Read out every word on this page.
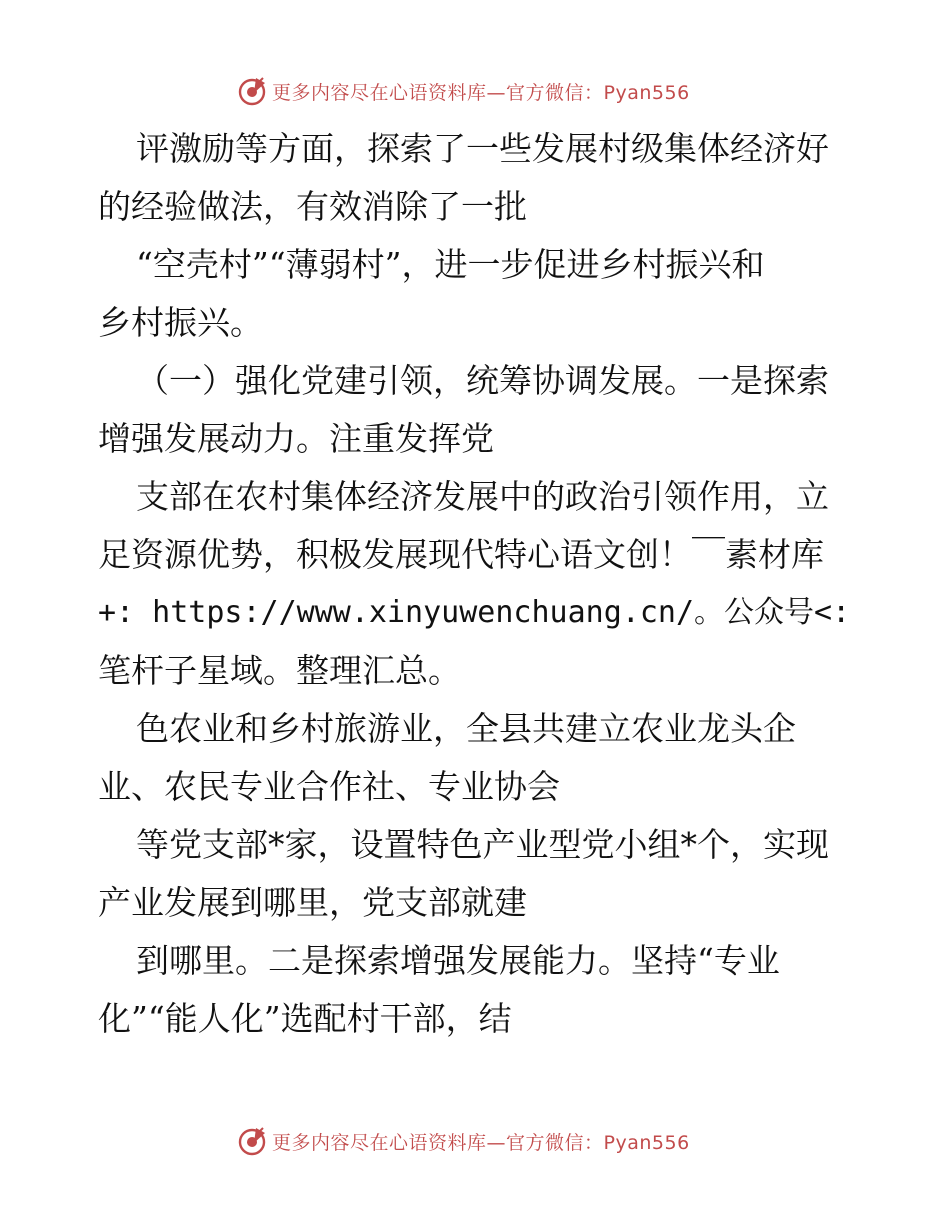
更多内容尽在心语资料库—官方微信：Pyan556

评激励等方面，探索了一些发展村级集体经济好
的经验做法，有效消除了一批

“空壳村”“薄弱村”，进一步促进乡村振兴和
乡村振兴。

（一）强化党建引领，统筹协调发展。一是探索
增强发展动力。注重发挥党

支部在农村集体经济发展中的政治引领作用，立
足资源优势，积极发展现代特心语文创！￣素材库
+: https://www.xinyuwenchuang.cn/。公众号<:
笔杆子星域。整理汇总。

色农业和乡村旅游业，全县共建立农业龙头企
业、农民专业合作社、专业协会

等党支部*家，设置特色产业型党小组*个，实现
产业发展到哪里，党支部就建

到哪里。二是探索增强发展能力。坚持“专业
化”“能人化”选配村干部，结

更多内容尽在心语资料库—官方微信：Pyan556
